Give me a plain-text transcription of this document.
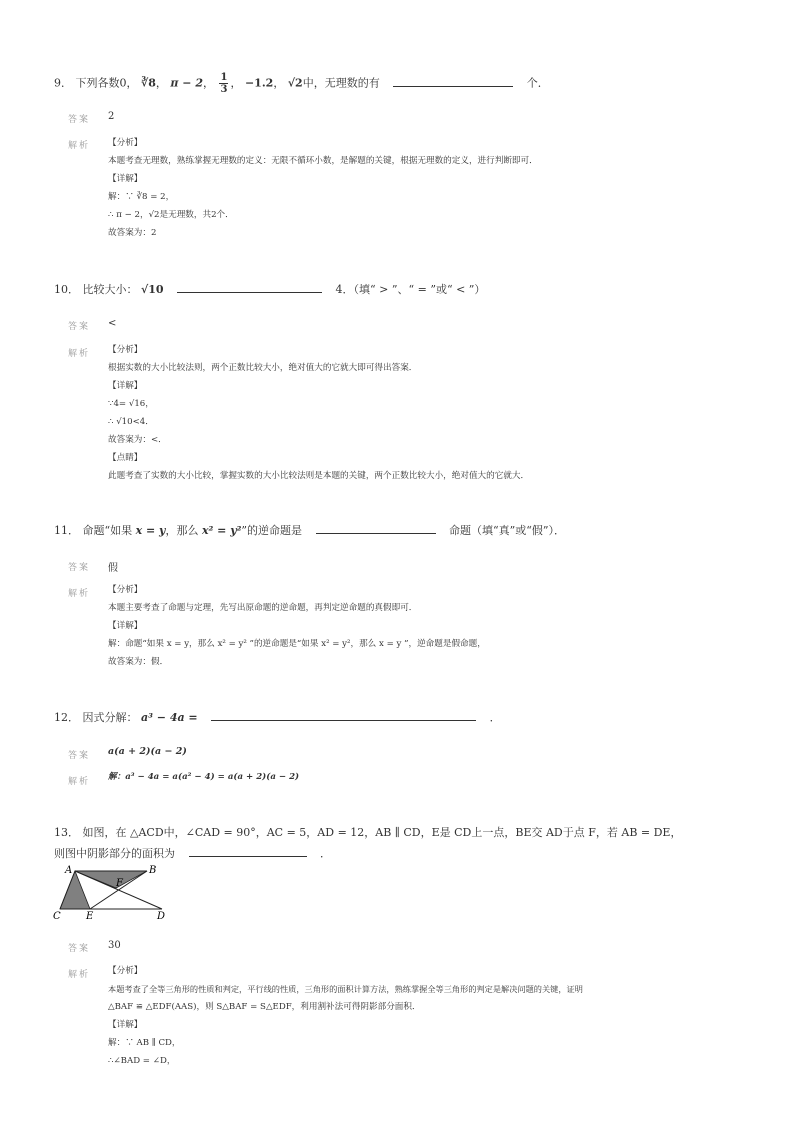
9． 下列各数0， ∛8， π − 2， $\frac{1}{3}$ ， −1.2， √2中，无理数的有	个．
答案 2
解析 【分析】
本题考查无理数，熟练掌握无理数的定义：无限不循环小数，是解题的关键，根据无理数的定义，进行判断即可．
【详解】
解：∵ ∛8 = 2，
∴ π − 2，√2是无理数，共2个．
故答案为：2
10． 比较大小： √10	4．（填“ > ”、“ = ”或“ < ”）
答案 <
解析 【分析】
根据实数的大小比较法则，两个正数比较大小，绝对值大的它就大即可得出答案．
【详解】
∵4= √16，
∴ √10<4．
故答案为：<．
【点睛】
此题考查了实数的大小比较，掌握实数的大小比较法则是本题的关键，两个正数比较大小，绝对值大的它就大．
11． 命题“如果 x = y，那么 x² = y²”的逆命题是	命题（填“真”或“假”）．
答案 假
解析 【分析】
本题主要考查了命题与定理，先写出原命题的逆命题，再判定逆命题的真假即可．
【详解】
解：命题“如果 x = y，那么 x² = y² ”的逆命题是“如果 x² = y²，那么 x = y ”，逆命题是假命题，
故答案为：假．
12． 因式分解： a³ − 4a =	．
答案 a(a + 2)(a − 2)
解析 解：a³ − 4a = a(a² − 4) = a(a + 2)(a − 2)
13． 如图，在 △ACD中，∠CAD = 90°，AC = 5，AD = 12，AB ∥ CD，E是 CD上一点，BE交 AD于点 F，若 AB = DE，
则图中阴影部分的面积为	．
A	B
F
C	E	D
答案 30
解析 【分析】
本题考查了全等三角形的性质和判定，平行线的性质，三角形的面积计算方法，熟练掌握全等三角形的判定是解决问题的关键，证明
△BAF ≌ △EDF(AAS)，则 S△BAF = S△EDF，利用割补法可得阴影部分面积．
【详解】
解：∵ AB ∥ CD，
∴∠BAD = ∠D，
